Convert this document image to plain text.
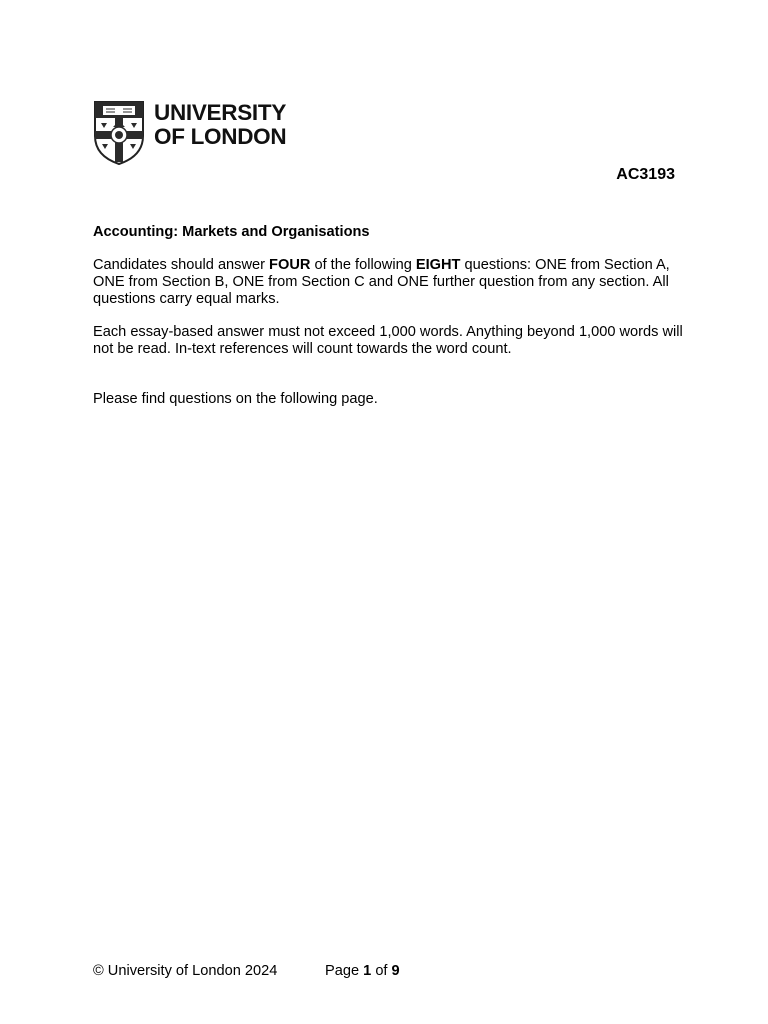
UNIVERSITY
OF LONDON
AC3193

Accounting: Markets and Organisations

Candidates should answer FOUR of the following EIGHT questions: ONE from Section A, ONE from Section B, ONE from Section C and ONE further question from any section. All questions carry equal marks.

Each essay-based answer must not exceed 1,000 words. Anything beyond 1,000 words will not be read. In-text references will count towards the word count.

Please find questions on the following page.

© University of London 2024	Page 1 of 9
